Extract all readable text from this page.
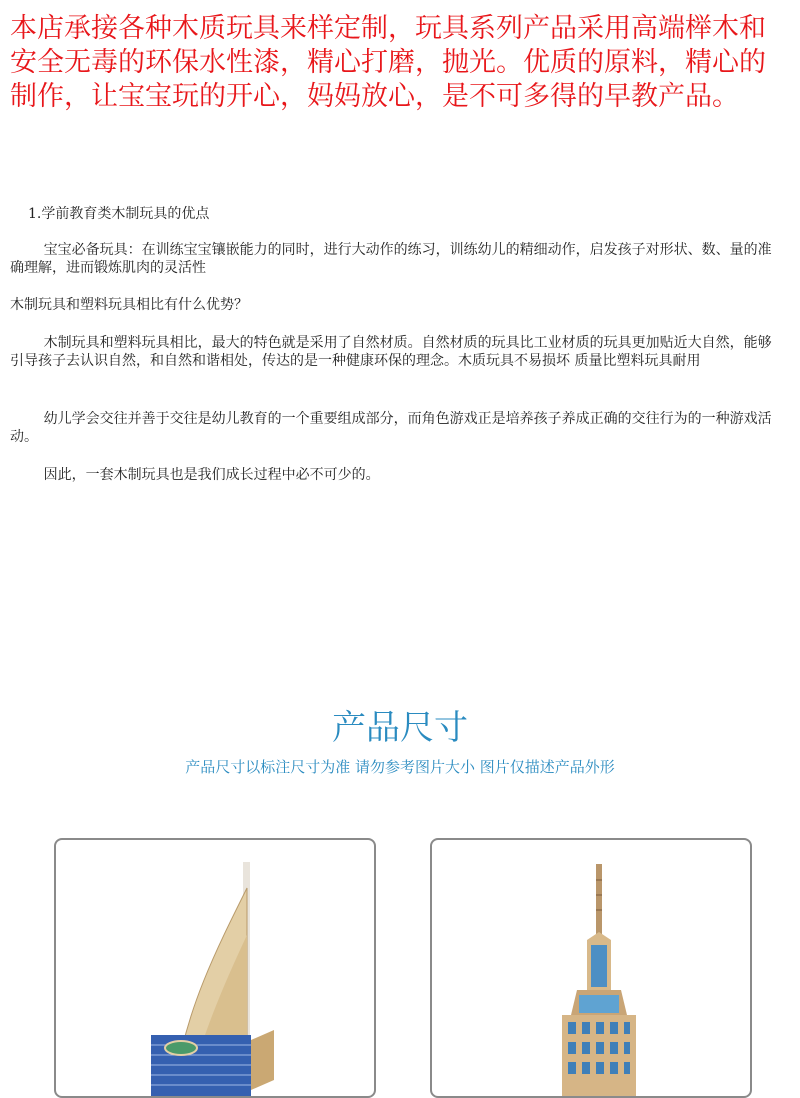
本店承接各种木质玩具来样定制，玩具系列产品采用高端榉木和安全无毒的环保水性漆，精心打磨，抛光。优质的原料，精心的制作，让宝宝玩的开心，妈妈放心，是不可多得的早教产品。

1.学前教育类木制玩具的优点

宝宝必备玩具：在训练宝宝镶嵌能力的同时，进行大动作的练习，训练幼儿的精细动作，启发孩子对形状、数、量的准确理解，进而锻炼肌肉的灵活性

木制玩具和塑料玩具相比有什么优势？

木制玩具和塑料玩具相比，最大的特色就是采用了自然材质。自然材质的玩具比工业材质的玩具更加贴近大自然，能够引导孩子去认识自然，和自然和谐相处，传达的是一种健康环保的理念。木质玩具不易损坏 质量比塑料玩具耐用

幼儿学会交往并善于交往是幼儿教育的一个重要组成部分，而角色游戏正是培养孩子养成正确的交往行为的一种游戏活动。

因此，一套木制玩具也是我们成长过程中必不可少的。

产品尺寸

产品尺寸以标注尺寸为准 请勿参考图片大小 图片仅描述产品外形
